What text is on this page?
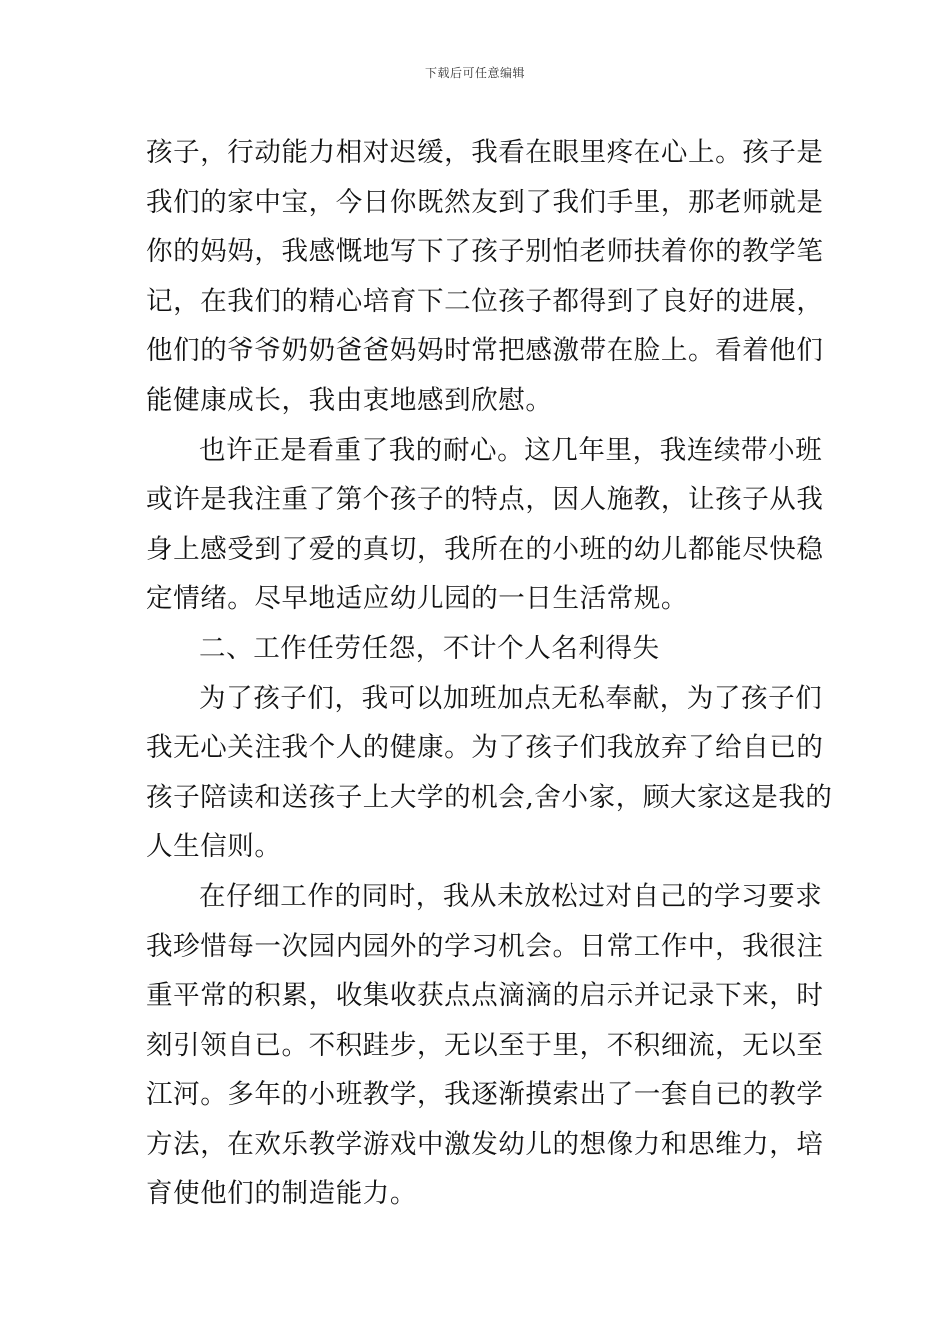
下载后可任意编辑
孩子，行动能力相对迟缓，我看在眼里疼在心上。孩子是
我们的家中宝，今日你既然友到了我们手里，那老师就是
你的妈妈，我感慨地写下了孩子别怕老师扶着你的教学笔
记，在我们的精心培育下二位孩子都得到了良好的进展，
他们的爷爷奶奶爸爸妈妈时常把感激带在脸上。看着他们
能健康成长，我由衷地感到欣慰。
也许正是看重了我的耐心。这几年里，我连续带小班
或许是我注重了第个孩子的特点，因人施教，让孩子从我
身上感受到了爱的真切，我所在的小班的幼儿都能尽快稳
定情绪。尽早地适应幼儿园的一日生活常规。
二、工作任劳任怨，不计个人名利得失
为了孩子们，我可以加班加点无私奉献，为了孩子们
我无心关注我个人的健康。为了孩子们我放弃了给自已的
孩子陪读和送孩子上大学的机会,舍小家，顾大家这是我的
人生信则。
在仔细工作的同时，我从未放松过对自己的学习要求
我珍惜每一次园内园外的学习机会。日常工作中，我很注
重平常的积累，收集收获点点滴滴的启示并记录下来，时
刻引领自已。不积跬步，无以至于里，不积细流，无以至
江河。多年的小班教学，我逐渐摸索出了一套自已的教学
方法，在欢乐教学游戏中激发幼儿的想像力和思维力，培
育使他们的制造能力。
